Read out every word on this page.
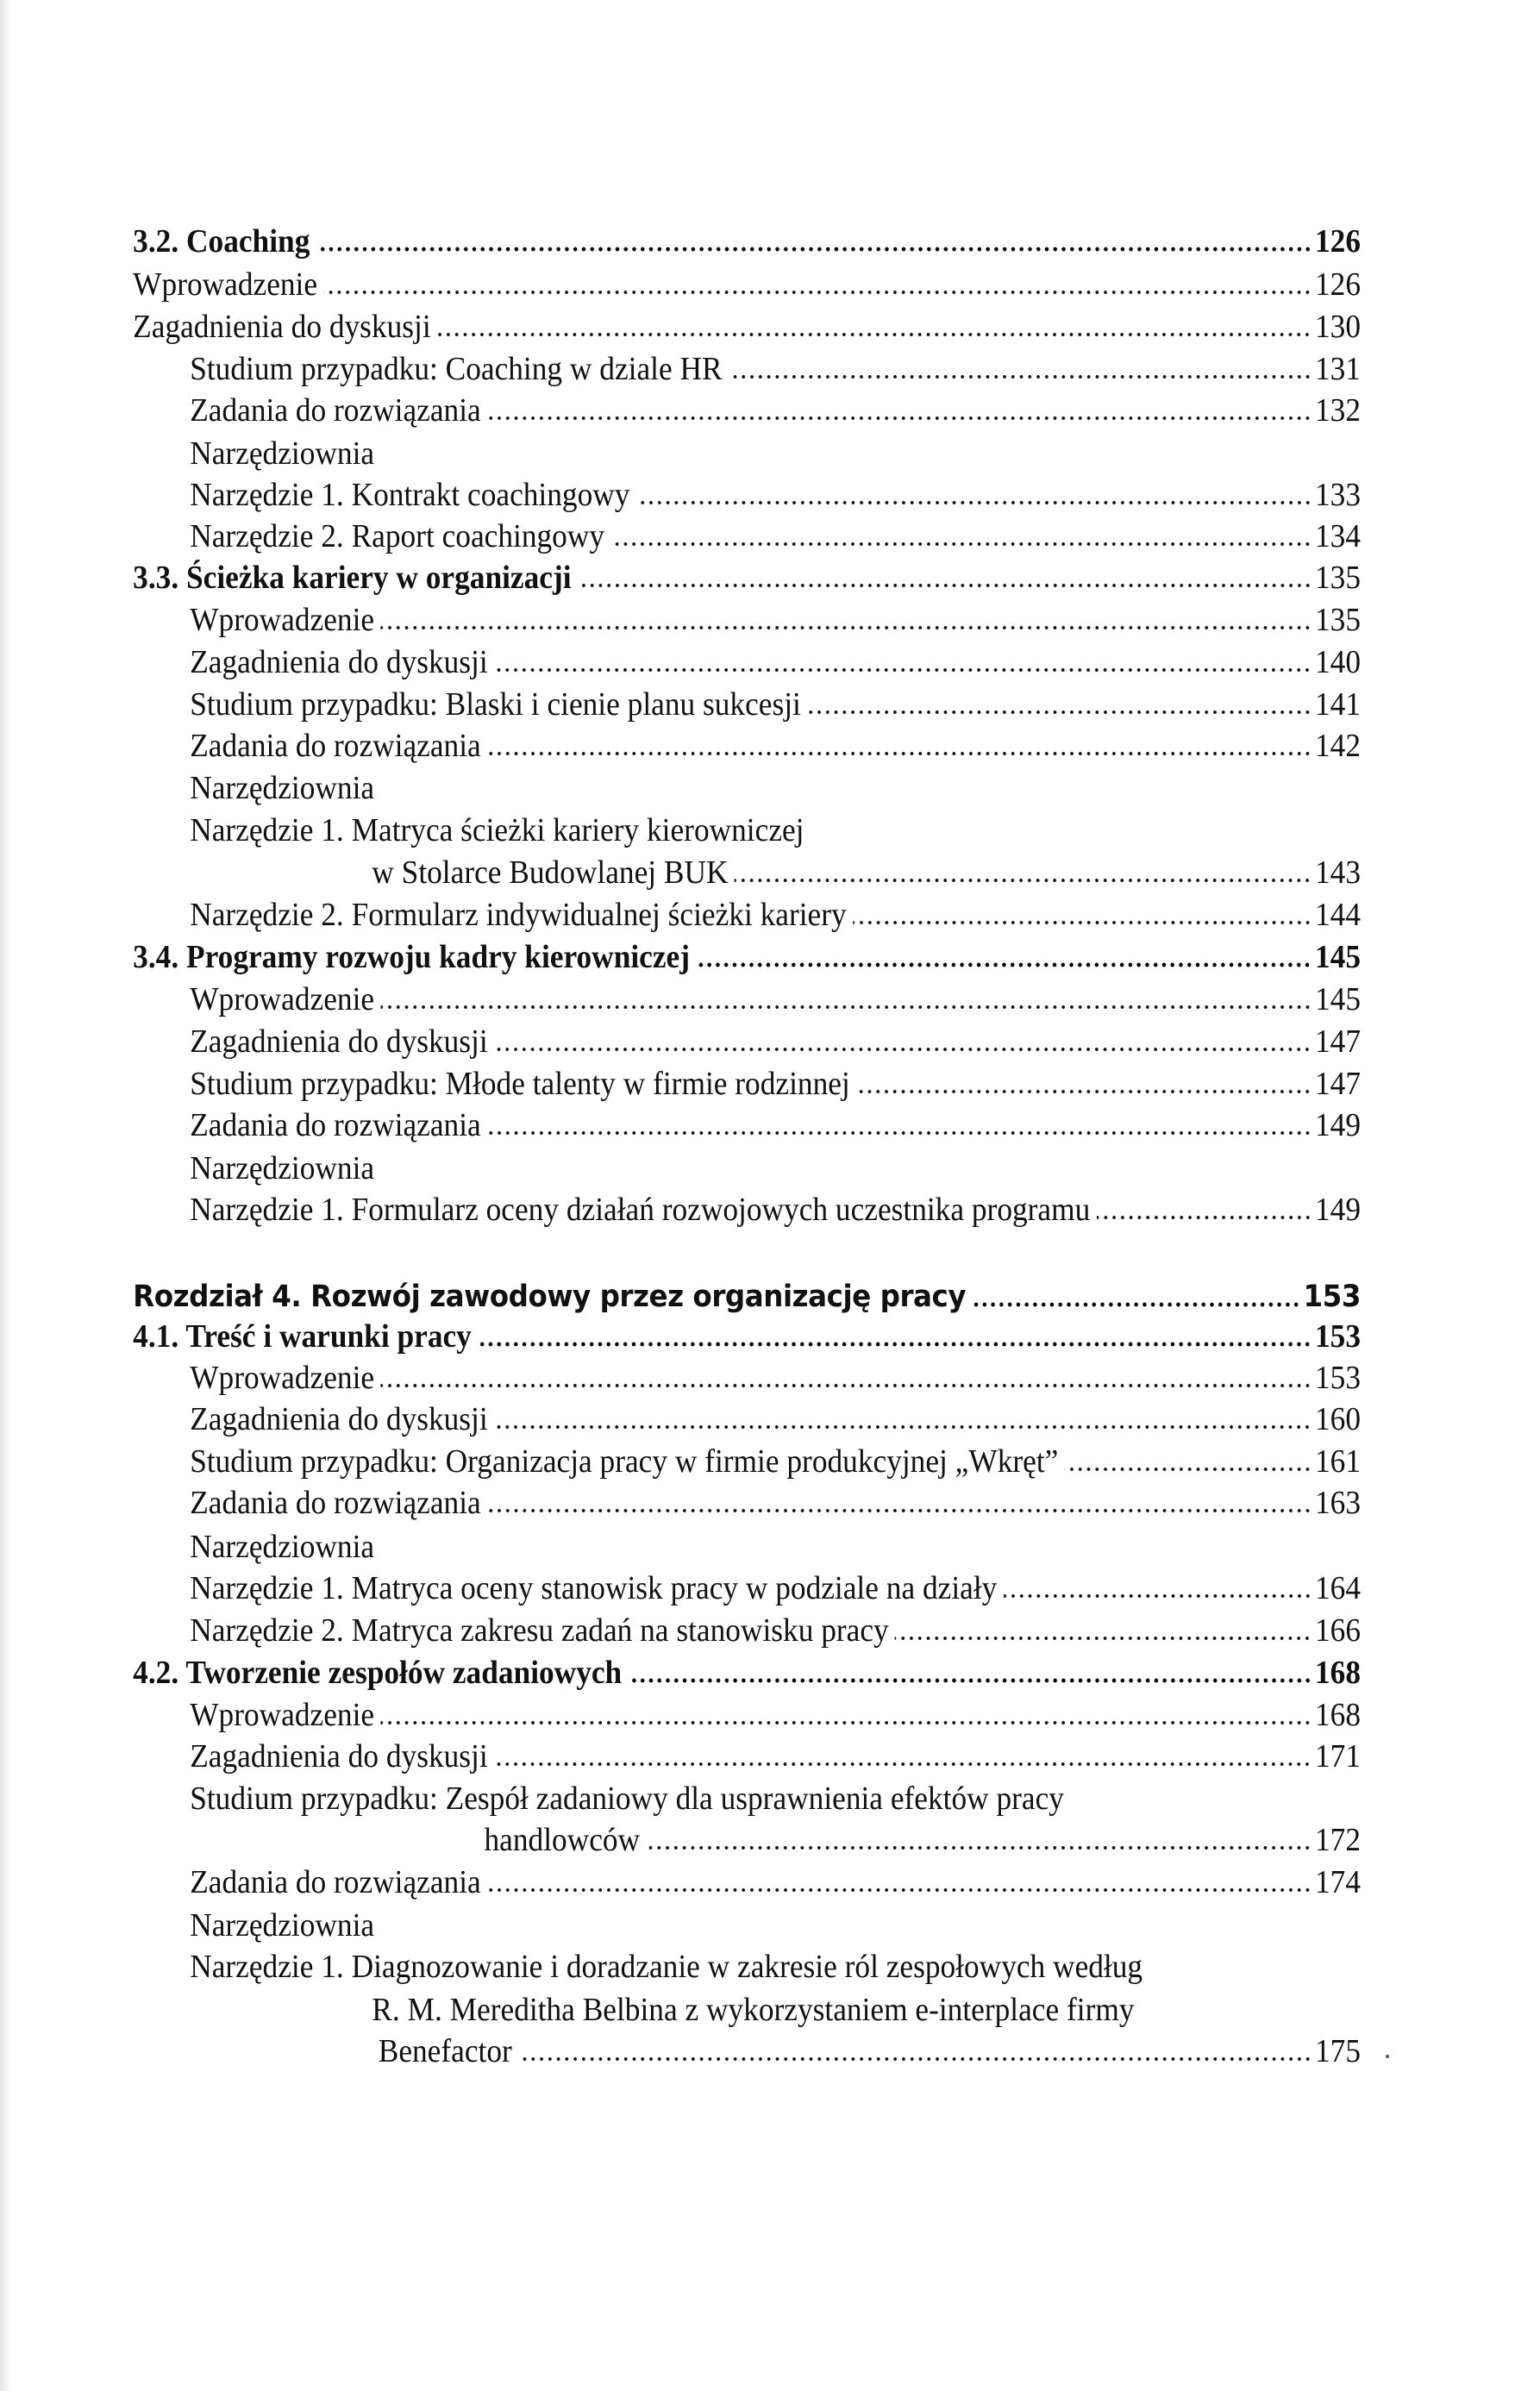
3.2. Coaching	126
Wprowadzenie	126
Zagadnienia do dyskusji	130
Studium przypadku: Coaching w dziale HR	131
Zadania do rozwiązania	132
Narzędziownia
Narzędzie 1. Kontrakt coachingowy	133
Narzędzie 2. Raport coachingowy	134
3.3. Ścieżka kariery w organizacji	135
Wprowadzenie	135
Zagadnienia do dyskusji	140
Studium przypadku: Blaski i cienie planu sukcesji	141
Zadania do rozwiązania	142
Narzędziownia
Narzędzie 1. Matryca ścieżki kariery kierowniczej
w Stolarce Budowlanej BUK	143
Narzędzie 2. Formularz indywidualnej ścieżki kariery	144
3.4. Programy rozwoju kadry kierowniczej	145
Wprowadzenie	145
Zagadnienia do dyskusji	147
Studium przypadku: Młode talenty w firmie rodzinnej	147
Zadania do rozwiązania	149
Narzędziownia
Narzędzie 1. Formularz oceny działań rozwojowych uczestnika programu	149
Rozdział 4. Rozwój zawodowy przez organizację pracy	153
4.1. Treść i warunki pracy	153
Wprowadzenie	153
Zagadnienia do dyskusji	160
Studium przypadku: Organizacja pracy w firmie produkcyjnej „Wkręt”	161
Zadania do rozwiązania	163
Narzędziownia
Narzędzie 1. Matryca oceny stanowisk pracy w podziale na działy	164
Narzędzie 2. Matryca zakresu zadań na stanowisku pracy	166
4.2. Tworzenie zespołów zadaniowych	168
Wprowadzenie	168
Zagadnienia do dyskusji	171
Studium przypadku: Zespół zadaniowy dla usprawnienia efektów pracy
handlowców	172
Zadania do rozwiązania	174
Narzędziownia
Narzędzie 1. Diagnozowanie i doradzanie w zakresie ról zespołowych według
R. M. Mereditha Belbina z wykorzystaniem e-interplace firmy
Benefactor	175
